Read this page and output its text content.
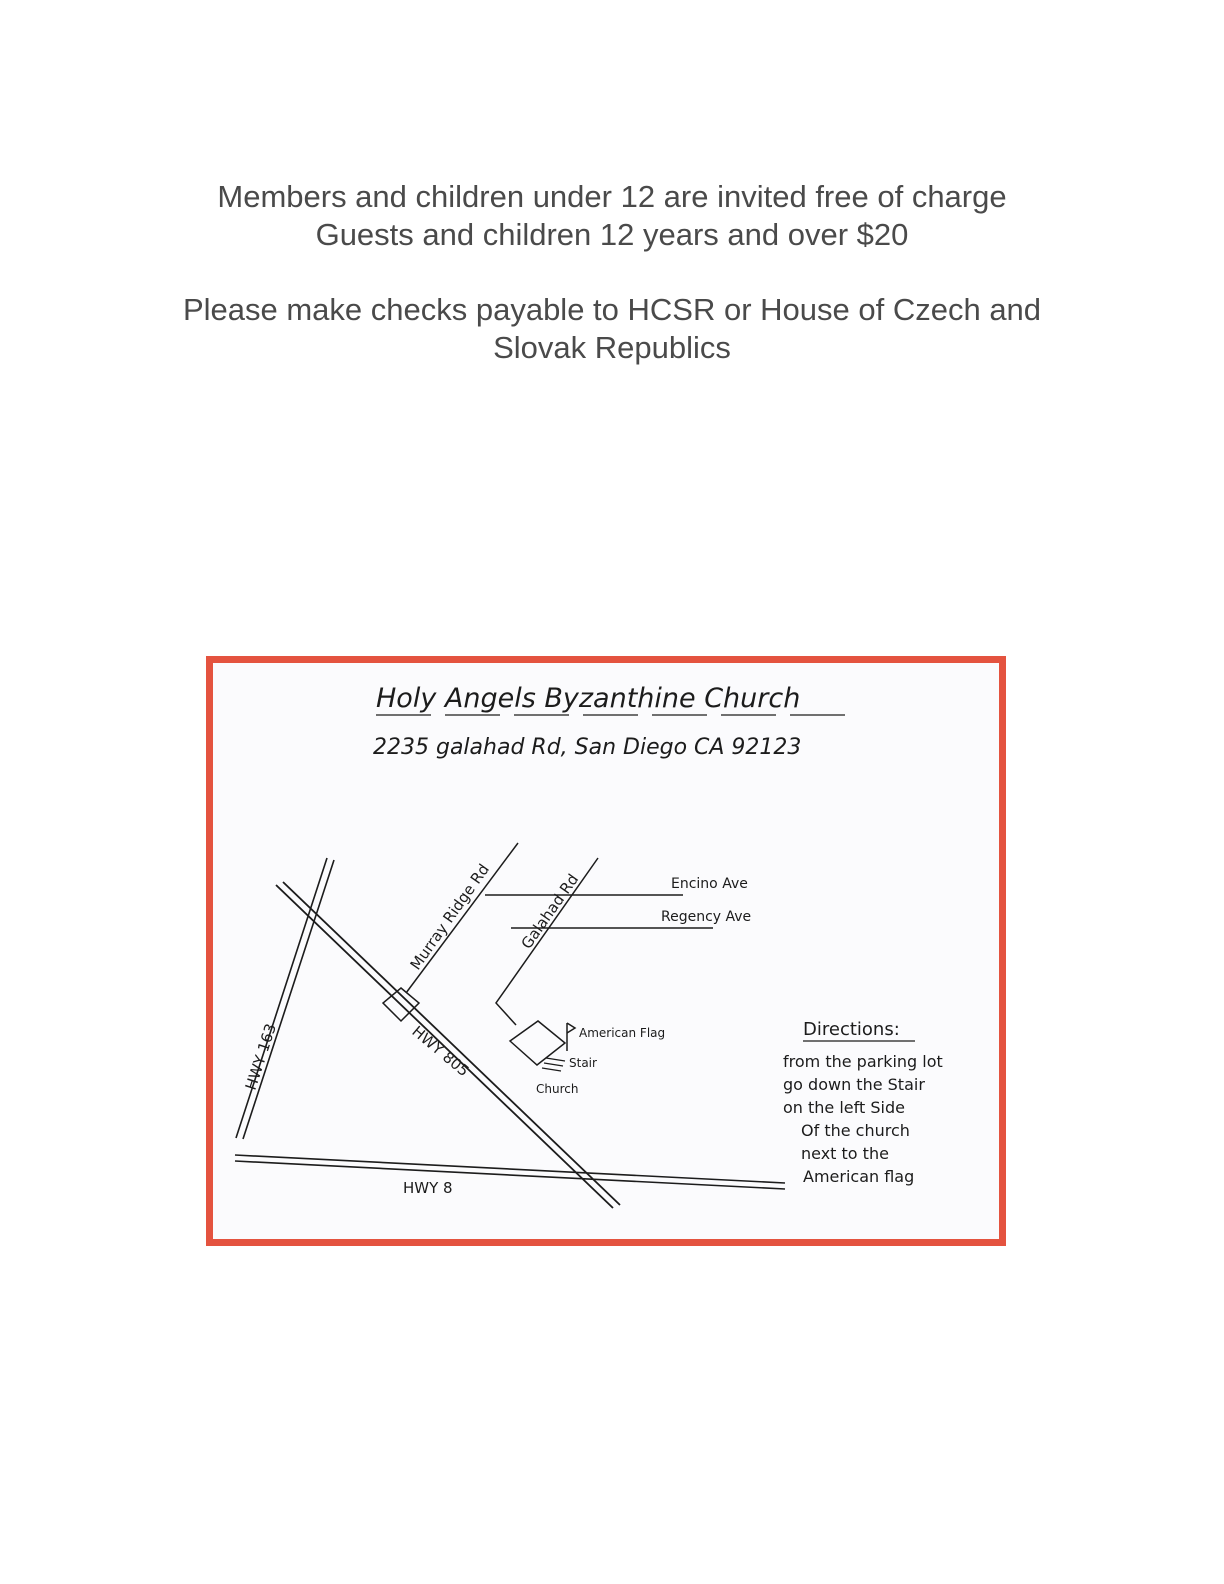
Members and children under 12 are invited free of charge

Guests and children 12 years and over $20

Please make checks payable to HCSR or House of Czech and Slovak Republics

Holy Angels Byzanthine Church
2235 galahad Rd, San Diego CA 92123
HWY 163	HWY 805
HWY 8
Murray Ridge Rd	Encino Ave
Regency Ave
Galahad Rd
Church
Stair
American Flag	Directions:
from the parking lot
go down the Stair
on the left Side
Of the church
next to the
American flag
